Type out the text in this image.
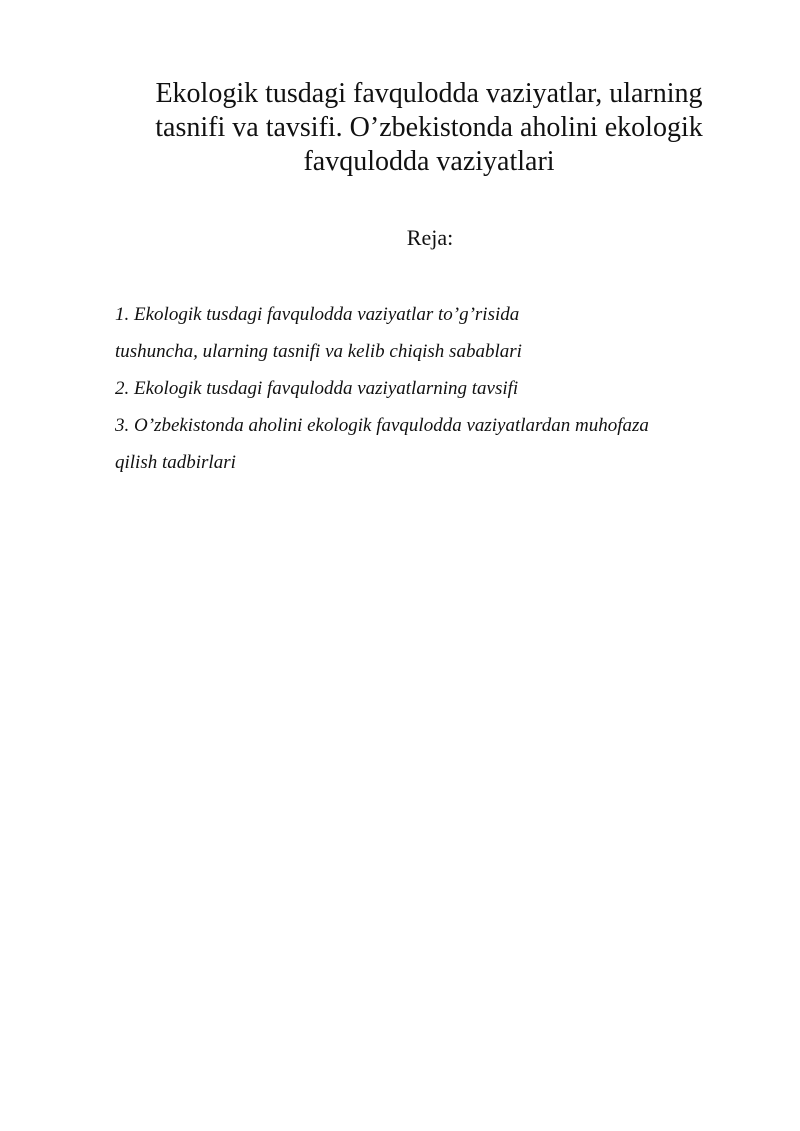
Ekologik tusdagi favqulodda vaziyatlar, ularning
tasnifi va tavsifi. O’zbekistonda aholini ekologik
favqulodda vaziyatlari
Reja:
1. Ekologik tusdagi favqulodda vaziyatlar to’g’risida
tushuncha, ularning tasnifi va kelib chiqish sabablari
2. Ekologik tusdagi favqulodda vaziyatlarning tavsifi
3. O’zbekistonda aholini ekologik favqulodda vaziyatlardan muhofaza
qilish tadbirlari
